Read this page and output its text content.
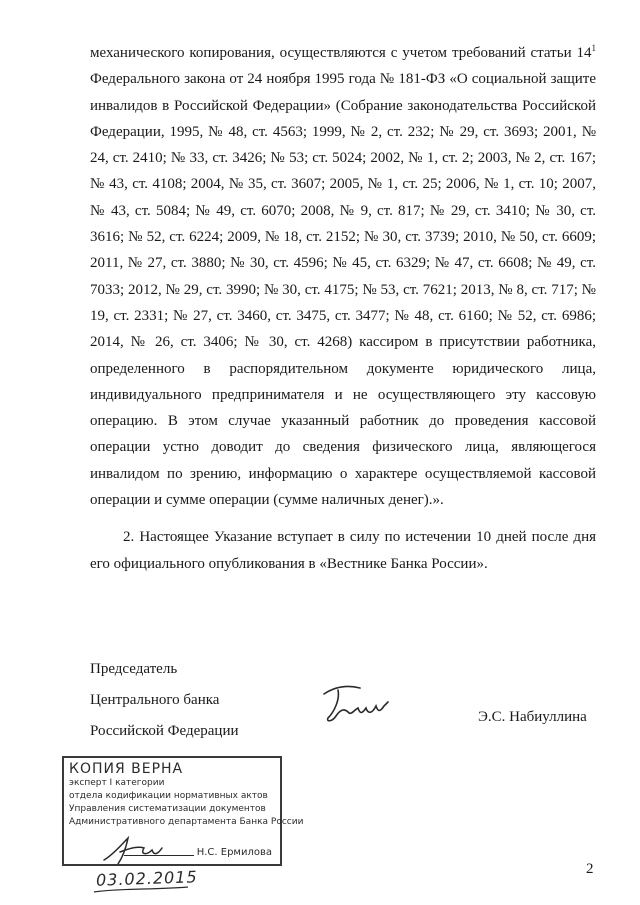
механического копирования, осуществляются с учетом требований статьи $14^1$ Федерального закона от 24 ноября 1995 года № 181‑ФЗ «О социальной защите инвалидов в Российской Федерации» (Собрание законодательства Российской Федерации, 1995, № 48, ст. 4563; 1999, № 2, ст. 232; № 29, ст. 3693; 2001, № 24, ст. 2410; № 33, ст. 3426; № 53; ст. 5024; 2002, № 1, ст. 2; 2003, № 2, ст. 167; № 43, ст. 4108; 2004, № 35, ст. 3607; 2005, № 1, ст. 25; 2006, № 1, ст. 10; 2007, № 43, ст. 5084; № 49, ст. 6070; 2008, № 9, ст. 817; № 29, ст. 3410; № 30, ст. 3616; № 52, ст. 6224; 2009, № 18, ст. 2152; № 30, ст. 3739; 2010, № 50, ст. 6609; 2011, № 27, ст. 3880; № 30, ст. 4596; № 45, ст. 6329; № 47, ст. 6608; № 49, ст. 7033; 2012, № 29, ст. 3990; № 30, ст. 4175; № 53, ст. 7621; 2013, № 8, ст. 717; № 19, ст. 2331; № 27, ст. 3460, ст. 3475, ст. 3477; № 48, ст. 6160; № 52, ст. 6986; 2014, № 26, ст. 3406; № 30, ст. 4268) кассиром в присутствии работника, определенного в распорядительном документе юридического лица, индивидуального предпринимателя и не осуществляющего эту кассовую операцию. В этом случае указанный работник до проведения кассовой операции устно доводит до сведения физического лица, являющегося инвалидом по зрению, информацию о характере осуществляемой кассовой операции и сумме операции (сумме наличных денег).».

2. Настоящее Указание вступает в силу по истечении 10 дней после дня его официального опубликования в «Вестнике Банка России».

Председатель
Центрального банка
Российской Федерации
Э.С. Набиуллина
КОПИЯ ВЕРНА
эксперт I категории
отдела кодификации нормативных актов
Управления систематизации документов
Административного департамента Банка России
Н.С. Ермилова
03.02.2015	2
